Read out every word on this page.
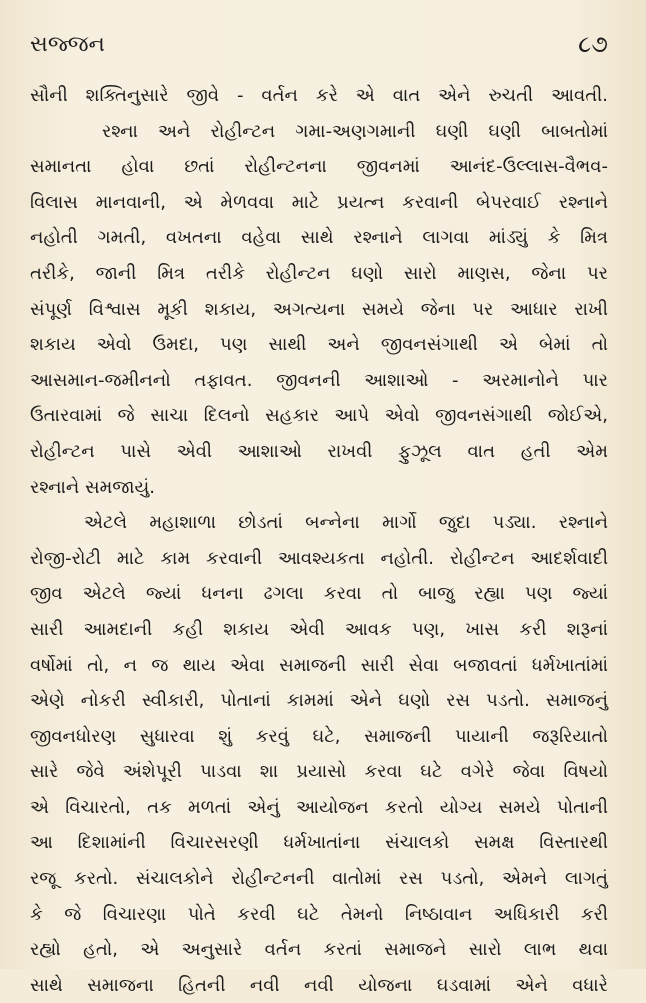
સજ્જન	૮૭
સૌની શક્તિનુસારે જીવે - વર્તન કરે એ વાત એને રુચતી આવતી.
રશ્ના અને રોહીન્ટન ગમા-અણગમાની ઘણી ઘણી બાબતોમાં
સમાનતા હોવા છતાં રોહીન્ટનના જીવનમાં આનંદ-ઉલ્લાસ-વૈભવ-
વિલાસ માનવાની, એ મેળવવા માટે પ્રયત્ન કરવાની બેપરવાઈ રશ્નાને
નહોતી ગમતી, વખતના વહેવા સાથે રશ્નાને લાગવા માંડ્યું કે મિત્ર
તરીકે, જાની મિત્ર તરીકે રોહીન્ટન ઘણો સારો માણસ, જેના પર
સંપૂર્ણ વિશ્વાસ મૂકી શકાય, અગત્યના સમયે જેના પર આધાર રાખી
શકાય એવો ઉમદા, પણ સાથી અને જીવનસંગાથી એ બેમાં તો
આસમાન-જમીનનો તફાવત. જીવનની આશાઓ - અરમાનોને પાર
ઉતારવામાં જે સાચા દિલનો સહકાર આપે એવો જીવનસંગાથી જોઈએ,
રોહીન્ટન પાસે એવી આશાઓ રાખવી ફુઝૂલ વાત હતી એમ
રશ્નાને સમજાયું.
એટલે મહાશાળા છોડતાં બન્નેના માર્ગો જુદા પડ્યા. રશ્નાને
રોજી-રોટી માટે કામ કરવાની આવશ્યકતા નહોતી. રોહીન્ટન આદર્શવાદી
જીવ એટલે જ્યાં ધનના ઢગલા કરવા તો બાજુ રહ્યા પણ જ્યાં
સારી આમદાની કહી શકાય એવી આવક પણ, ખાસ કરી શરૂનાં
વર્ષોમાં તો, ન જ થાય એવા સમાજની સારી સેવા બજાવતાં ધર્મખાતાંમાં
એણે નોકરી સ્વીકારી, પોતાનાં કામમાં એને ઘણો રસ પડતો. સમાજનું
જીવનધોરણ સુધારવા શું કરવું ઘટે, સમાજની પાયાની જરૂરિયાતો
સારે જેવે અંશેપૂરી પાડવા શા પ્રયાસો કરવા ઘટે વગેરે જેવા વિષયો
એ વિચારતો, તક મળતાં એનું આયોજન કરતો યોગ્ય સમયે પોતાની
આ દિશામાંની વિચારસરણી ધર્મખાતાંના સંચાલકો સમક્ષ વિસ્તારથી
રજૂ કરતો. સંચાલકોને રોહીન્ટનની વાતોમાં રસ પડતો, એમને લાગતું
કે જે વિચારણા પોતે કરવી ઘટે તેમનો નિષ્ઠાવાન અધિકારી કરી
રહ્યો હતો, એ અનુસારે વર્તન કરતાં સમાજને સારો લાભ થવા
સાથે સમાજના હિતની નવી નવી યોજના ઘડવામાં એને વધારે
